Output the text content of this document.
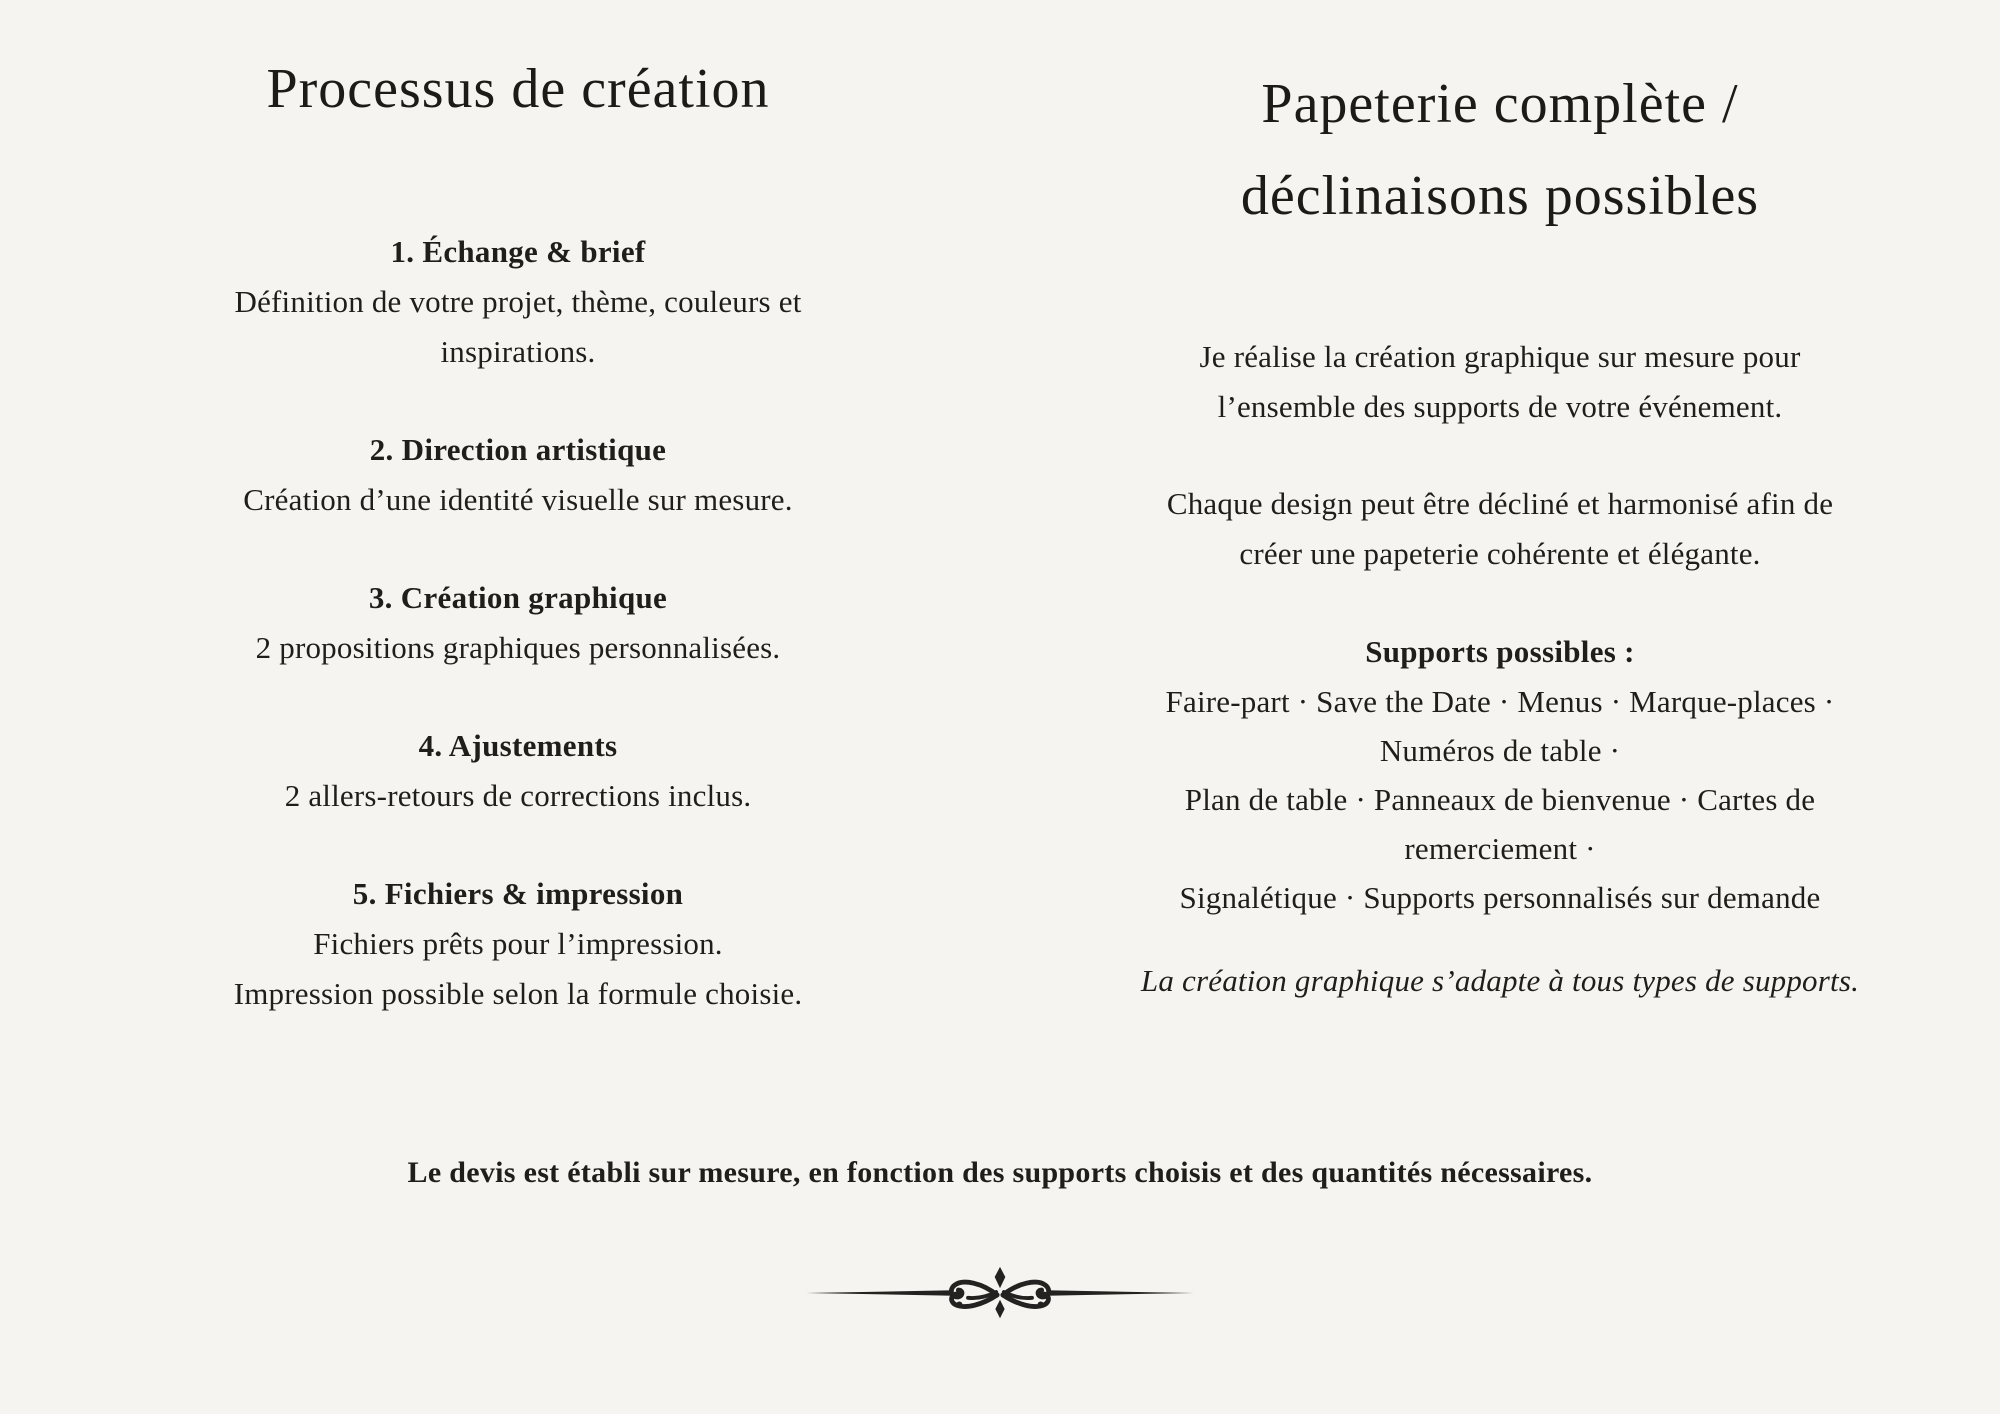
Processus de création
1. Échange & brief

Définition de votre projet, thème, couleurs et
inspirations.

2. Direction artistique

Création d’une identité visuelle sur mesure.

3. Création graphique

2 propositions graphiques personnalisées.

4. Ajustements

2 allers-retours de corrections inclus.

5. Fichiers & impression

Fichiers prêts pour l’impression.
Impression possible selon la formule choisie.

Papeterie complète /
déclinaisons possibles

Je réalise la création graphique sur mesure pour
l’ensemble des supports de votre événement.

Chaque design peut être décliné et harmonisé afin de
créer une papeterie cohérente et élégante.

Supports possibles :

Faire-part · Save the Date · Menus · Marque-places ·
Numéros de table ·
Plan de table · Panneaux de bienvenue · Cartes de
remerciement ·
Signalétique · Supports personnalisés sur demande

La création graphique s’adapte à tous types de supports.

Le devis est établi sur mesure, en fonction des supports choisis et des quantités nécessaires.
